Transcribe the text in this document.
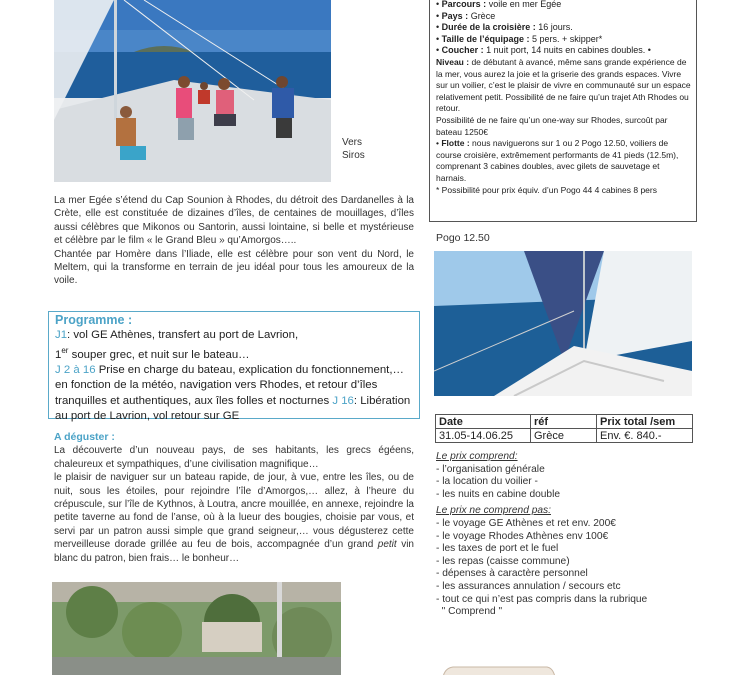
Vers
Siros

La mer Egée s’étend du Cap Sounion à Rhodes, du détroit des Dardanelles à la Crète, elle est constituée de dizaines d’îles, de centaines de mouillages, d’îles aussi célèbres que Mikonos ou Santorin, aussi lointaine, si belle et mystérieuse et célèbre par le film « le Grand Bleu » qu’Amorgos…..

Chantée par Homère dans l’Iliade, elle est célèbre pour son vent du Nord, le Meltem, qui la transforme en terrain de jeu idéal pour tous les amoureux de la voile.

Programme :
J1: vol GE Athènes, transfert au port de Lavrion,
1er souper grec, et nuit sur le bateau…
J 2 à 16 Prise en charge du bateau, explication du fonctionnement,… en fonction de la météo, navigation vers Rhodes, et retour d’îles tranquilles et authentiques, aux îles folles et nocturnes J 16: Libération au port de Lavrion, vol retour sur GE
A déguster :
La découverte d’un nouveau pays, de ses habitants, les grecs égéens, chaleureux et sympathiques, d’une civilisation magnifique…
le plaisir de naviguer sur un bateau rapide, de jour, à vue, entre les îles, ou de nuit, sous les étoiles, pour rejoindre l’île d’Amorgos,… allez, à l’heure du crépuscule, sur l’île de Kythnos, à Loutra, ancre mouillée, en annexe, rejoindre la petite taverne au fond de l’anse, où à la lueur des bougies, choisie par vous, et servi par un patron aussi simple que grand seigneur,… vous dégusterez cette merveilleuse dorade grillée au feu de bois, accompagnée d’un grand petit vin blanc du patron, bien frais… le bonheur…
• Parcours : voile en mer Egée
• Pays : Grèce
• Durée de la croisière : 16 jours.
• Taille de l’équipage : 5 pers. + skipper*
• Coucher : 1 nuit port, 14 nuits en cabines doubles. •
Niveau : de débutant à avancé, même sans grande expérience de la mer, vous aurez la joie et la griserie des grands espaces. Vivre sur un voilier, c’est le plaisir de vivre en communauté sur un espace relativement petit. Possibilité de ne faire qu’un trajet Ath Rhodes ou retour.
Possibilité de ne faire qu’un one-way sur Rhodes, surcoût par bateau 1250€
• Flotte : nous naviguerons sur 1 ou 2 Pogo 12.50, voiliers de course croisière, extrêmement performants de 41 pieds (12.5m), comprenant 3 cabines doubles, avec gilets de sauvetage et harnais.
* Possibilité pour prix équiv. d’un Pogo 44 4 cabines 8 pers
Pogo 12.50
Date	réf	Prix total /sem
31.05-14.06.25	Grèce	Env. €. 840.-
Le prix comprend:
- l’organisation générale
- la location du voilier -
- les nuits en cabine double
Le prix ne comprend pas:
- le voyage GE Athènes et ret env. 200€
- le voyage Rhodes Athènes env 100€
- les taxes de port et le fuel
- les repas (caisse commune)
- dépenses à caractère personnel
- les assurances annulation / secours etc
- tout ce qui n’est pas compris dans la rubrique
" Comprend "
